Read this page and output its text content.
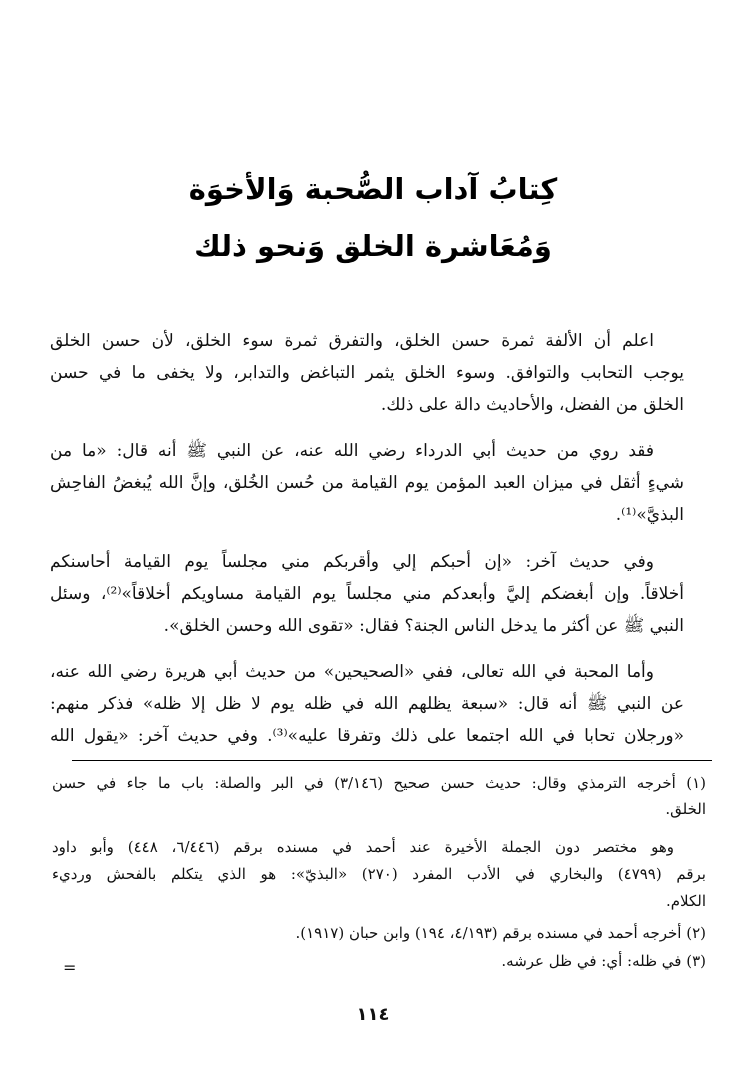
كِتابُ آداب الصُّحبة وَالأخوَة
وَمُعَاشرة الخلق وَنحو ذلك
اعلم أن الألفة ثمرة حسن الخلق، والتفرق ثمرة سوء الخلق، لأن حسن الخلق
يوجب التحابب والتوافق. وسوء الخلق يثمر التباغض والتدابر، ولا يخفى ما في حسن
الخلق من الفضل، والأحاديث دالة على ذلك.
فقد روي من حديث أبي الدرداء رضي الله عنه، عن النبي ﷺ أنه قال: «ما من
شيءٍ أثقل في ميزان العبد المؤمن يوم القيامة من حُسن الخُلق، وإنَّ الله يُبغضُ الفاحِش
البذيَّ»⁽¹⁾.
وفي حديث آخر: «إن أحبكم إلي وأقربكم مني مجلساً يوم القيامة أحاسنكم
أخلاقاً. وإن أبغضكم إليَّ وأبعدكم مني مجلساً يوم القيامة مساويكم أخلاقاً»⁽²⁾، وسئل
النبي ﷺ عن أكثر ما يدخل الناس الجنة؟ فقال: «تقوى الله وحسن الخلق».
وأما المحبة في الله تعالى، ففي «الصحيحين» من حديث أبي هريرة رضي الله عنه،
عن النبي ﷺ أنه قال: «سبعة يظلهم الله في ظله يوم لا ظل إلا ظله» فذكر منهم:
«ورجلان تحابا في الله اجتمعا على ذلك وتفرقا عليه»⁽³⁾. وفي حديث آخر: «يقول الله
(١) أخرجه الترمذي وقال: حديث حسن صحيح (٣/١٤٦) في البر والصلة: باب ما جاء في حسن
الخلق.
وهو مختصر دون الجملة الأخيرة عند أحمد في مسنده برقم (٦/٤٤٦، ٤٤٨) وأبو داود
برقم (٤٧٩٩) والبخاري في الأدب المفرد (٢٧٠) «البذيّ»: هو الذي يتكلم بالفحش ورديء
الكلام.
(٢) أخرجه أحمد في مسنده برقم (٤/١٩٣، ١٩٤) وابن حبان (١٩١٧).
(٣) في ظله: أي: في ظل عرشه.
=
١١٤
